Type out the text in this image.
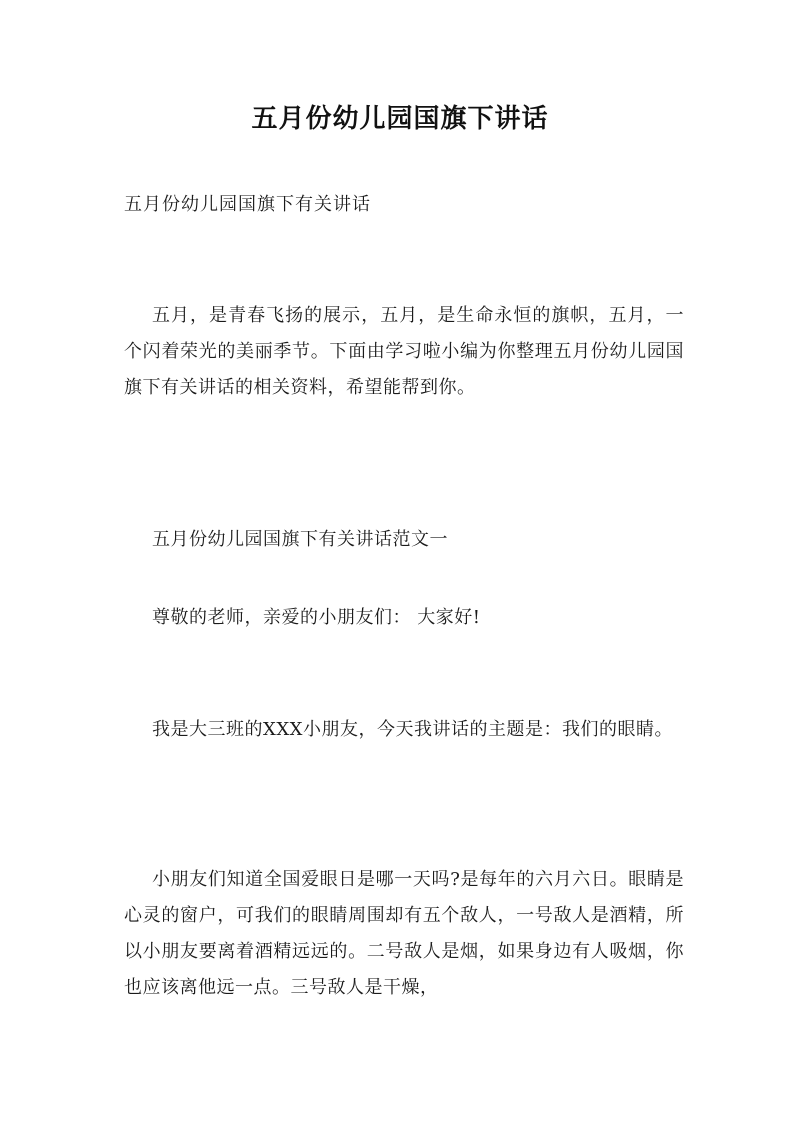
五月份幼儿园国旗下讲话
五月份幼儿园国旗下有关讲话

五月，是青春飞扬的展示，五月，是生命永恒的旗帜，五月，一个闪着荣光的美丽季节。下面由学习啦小编为你整理五月份幼儿园国旗下有关讲话的相关资料，希望能帮到你。

五月份幼儿园国旗下有关讲话范文一

尊敬的老师，亲爱的小朋友们： 大家好!

我是大三班的XXX小朋友，今天我讲话的主题是：我们的眼睛。

小朋友们知道全国爱眼日是哪一天吗?是每年的六月六日。眼睛是心灵的窗户，可我们的眼睛周围却有五个敌人，一号敌人是酒精，所以小朋友要离着酒精远远的。二号敌人是烟，如果身边有人吸烟，你也应该离他远一点。三号敌人是干燥，
